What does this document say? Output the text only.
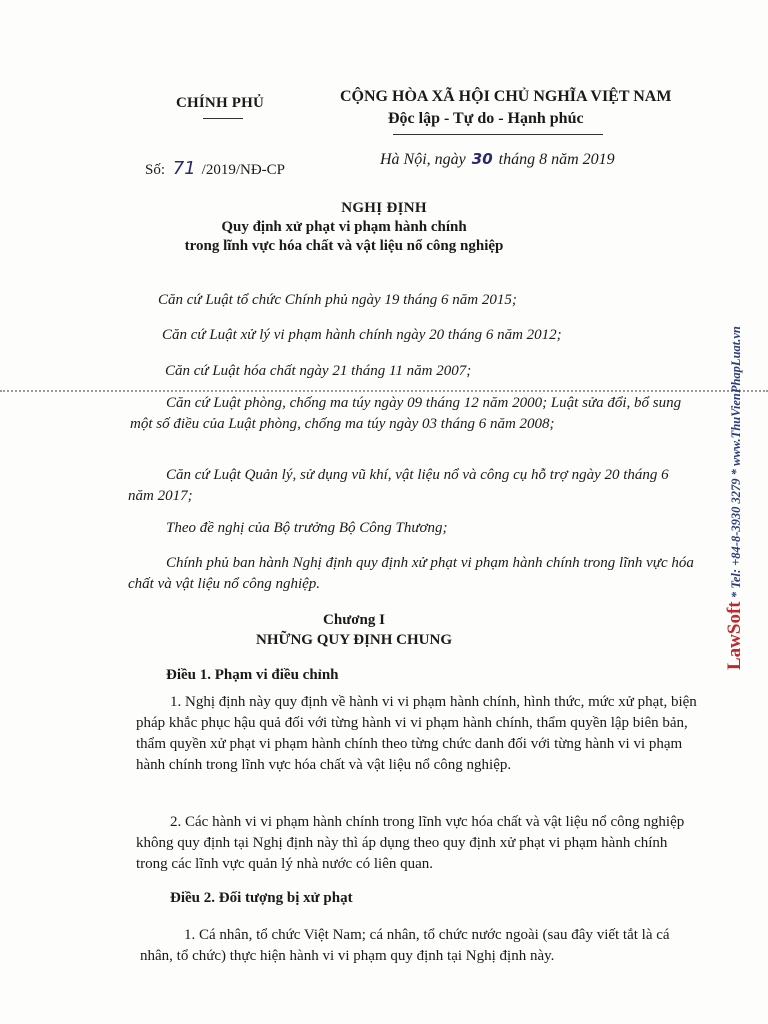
CHÍNH PHỦ	CỘNG HÒA XÃ HỘI CHỦ NGHĨA VIỆT NAM
Độc lập - Tự do - Hạnh phúc
Số: 71 /2019/NĐ-CP
Hà Nội, ngày 30 tháng 8 năm 2019
NGHỊ ĐỊNH
Quy định xử phạt vi phạm hành chính
trong lĩnh vực hóa chất và vật liệu nổ công nghiệp
Căn cứ Luật tổ chức Chính phủ ngày 19 tháng 6 năm 2015;
Căn cứ Luật xử lý vi phạm hành chính ngày 20 tháng 6 năm 2012;
Căn cứ Luật hóa chất ngày 21 tháng 11 năm 2007;
Căn cứ Luật phòng, chống ma túy ngày 09 tháng 12 năm 2000; Luật sửa đổi, bổ sung một số điều của Luật phòng, chống ma túy ngày 03 tháng 6 năm 2008;
Căn cứ Luật Quản lý, sử dụng vũ khí, vật liệu nổ và công cụ hỗ trợ ngày 20 tháng 6 năm 2017;
Theo đề nghị của Bộ trưởng Bộ Công Thương;
Chính phủ ban hành Nghị định quy định xử phạt vi phạm hành chính trong lĩnh vực hóa chất và vật liệu nổ công nghiệp.
Chương I
NHỮNG QUY ĐỊNH CHUNG
Điều 1. Phạm vi điều chỉnh
1. Nghị định này quy định về hành vi vi phạm hành chính, hình thức, mức xử phạt, biện pháp khắc phục hậu quả đối với từng hành vi vi phạm hành chính, thẩm quyền lập biên bản, thẩm quyền xử phạt vi phạm hành chính theo từng chức danh đối với từng hành vi vi phạm hành chính trong lĩnh vực hóa chất và vật liệu nổ công nghiệp.
2. Các hành vi vi phạm hành chính trong lĩnh vực hóa chất và vật liệu nổ công nghiệp không quy định tại Nghị định này thì áp dụng theo quy định xử phạt vi phạm hành chính trong các lĩnh vực quản lý nhà nước có liên quan.
Điều 2. Đối tượng bị xử phạt
1. Cá nhân, tổ chức Việt Nam; cá nhân, tổ chức nước ngoài (sau đây viết tắt là cá nhân, tổ chức) thực hiện hành vi vi phạm quy định tại Nghị định này.
LawSoft * Tel: +84-8-3930 3279 * www.ThuVienPhapLuat.vn
